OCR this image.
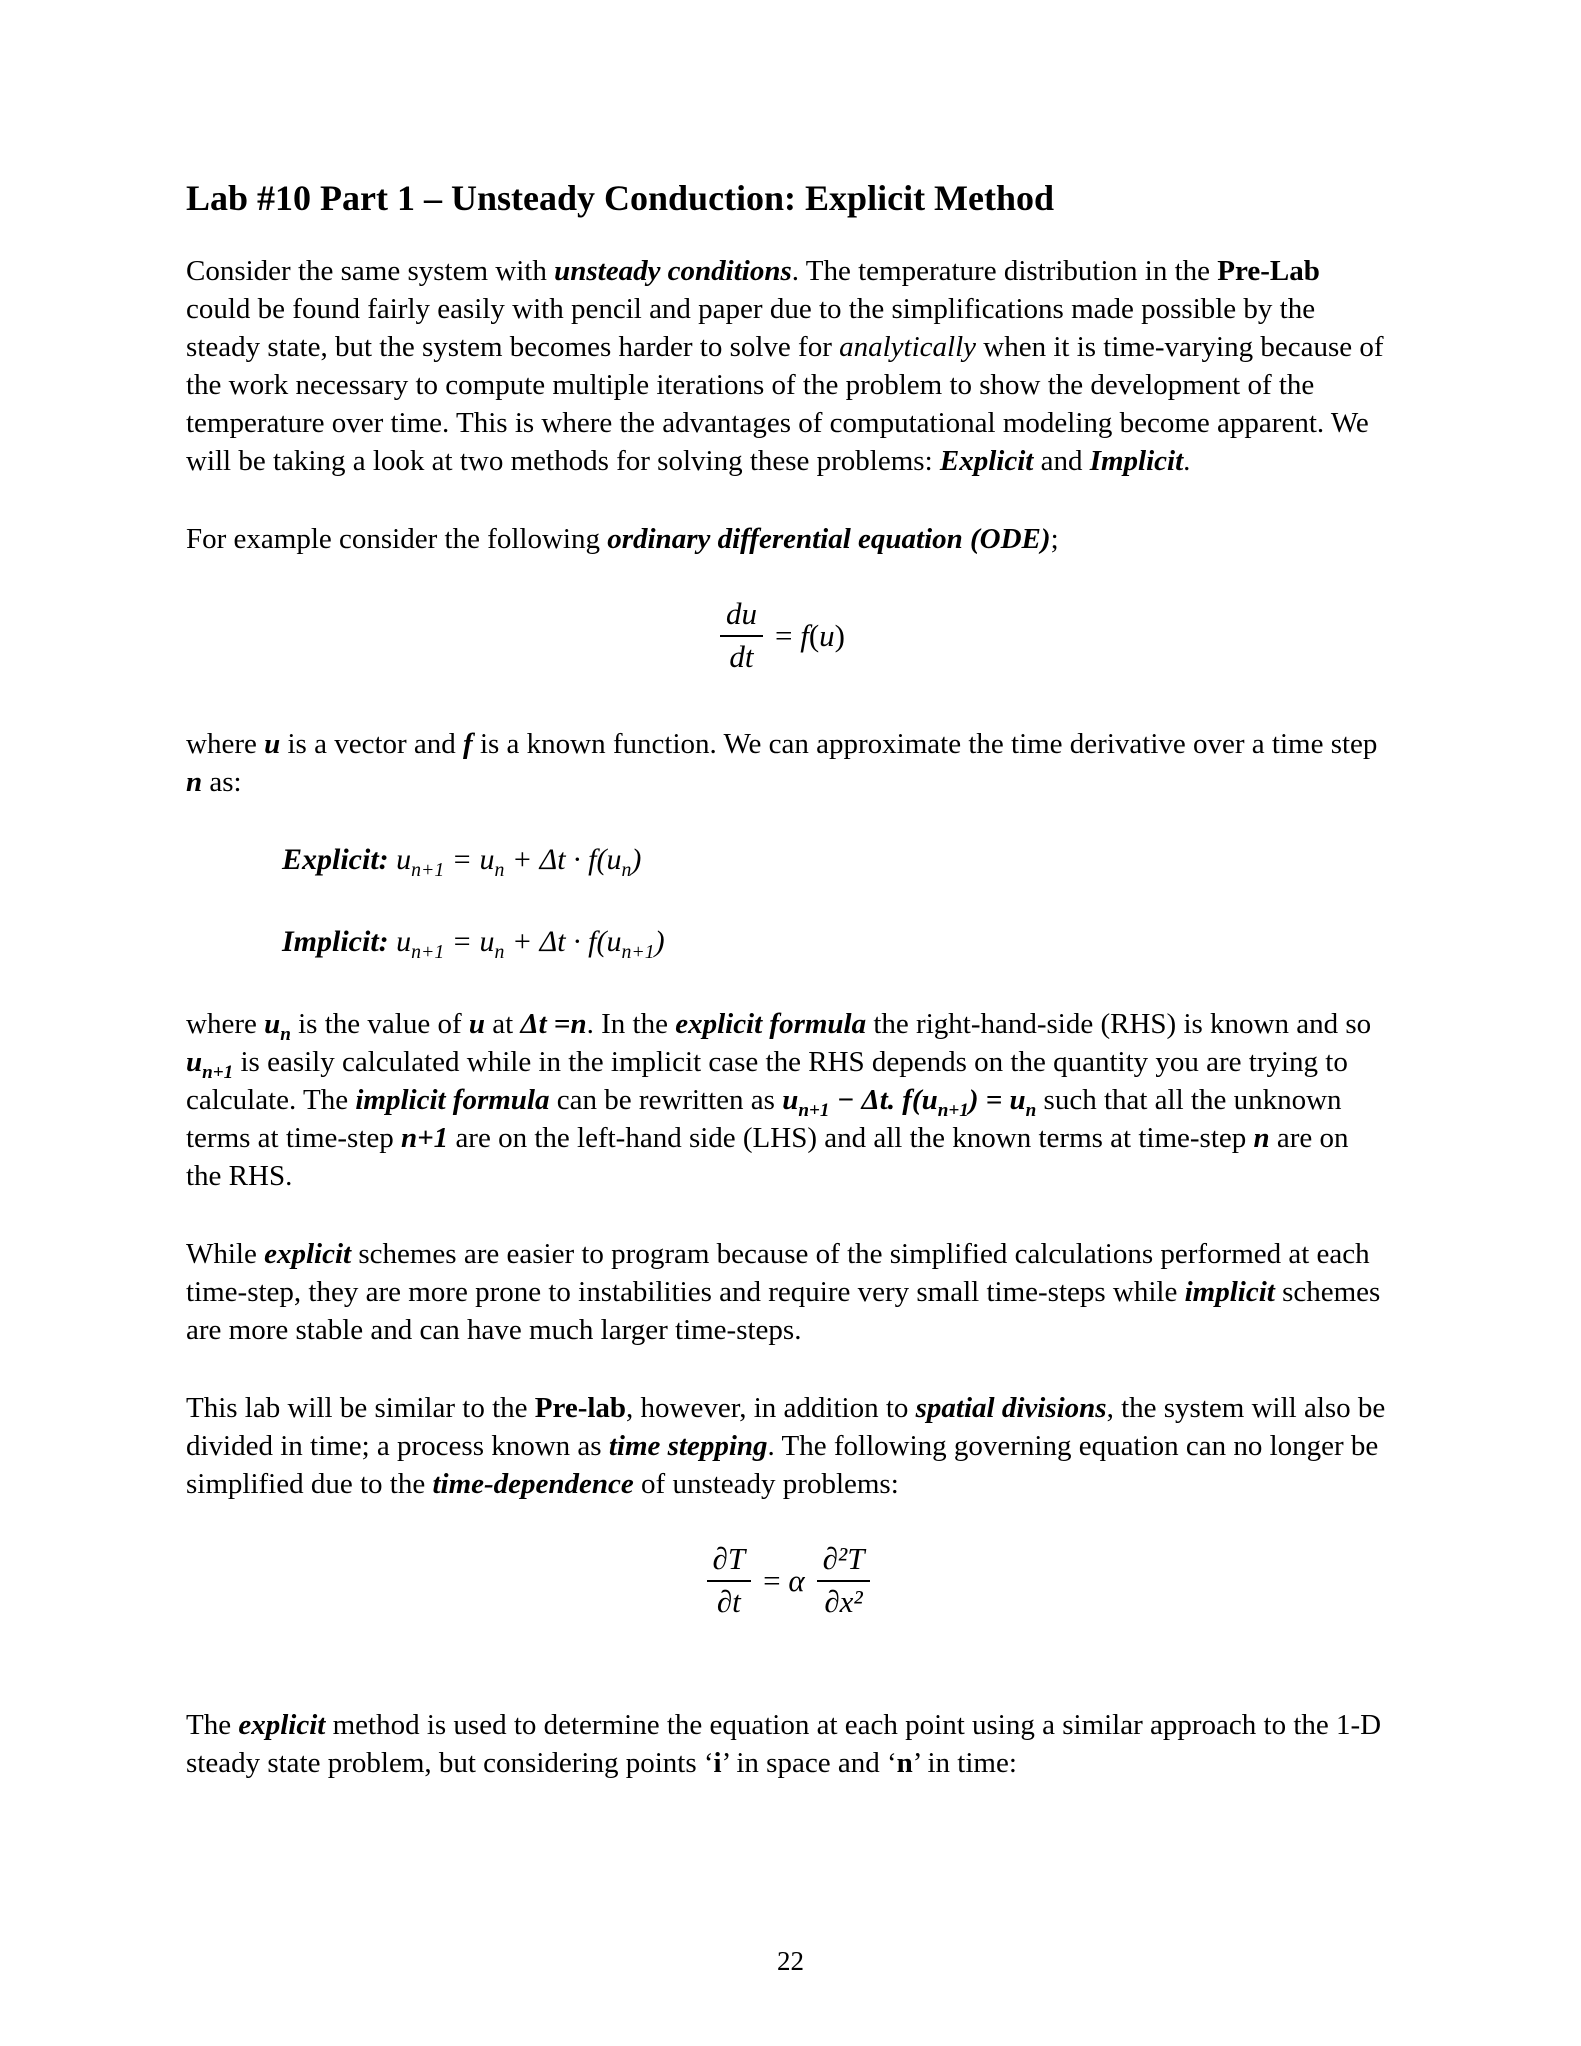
Lab #10 Part 1 – Unsteady Conduction: Explicit Method

Consider the same system with unsteady conditions. The temperature distribution in the Pre-Lab could be found fairly easily with pencil and paper due to the simplifications made possible by the steady state, but the system becomes harder to solve for analytically when it is time-varying because of the work necessary to compute multiple iterations of the problem to show the development of the temperature over time. This is where the advantages of computational modeling become apparent. We will be taking a look at two methods for solving these problems: Explicit and Implicit.

For example consider the following ordinary differential equation (ODE);

$\frac{du}{dt} = f(u)$

where u is a vector and f is a known function. We can approximate the time derivative over a time step n as:

Explicit: $u_{n+1} = u_n + \Delta t \cdot f(u_n)$

Implicit: $u_{n+1} = u_n + \Delta t \cdot f(u_{n+1})$

where $u_n$ is the value of u at Δt =n. In the explicit formula the right-hand-side (RHS) is known and so $u_{n+1}$ is easily calculated while in the implicit case the RHS depends on the quantity you are trying to calculate. The implicit formula can be rewritten as $u_{n+1} - \Delta t$. $f(u_{n+1}) = u_n$ such that all the unknown terms at time-step n+1 are on the left-hand side (LHS) and all the known terms at time-step n are on the RHS.

While explicit schemes are easier to program because of the simplified calculations performed at each time-step, they are more prone to instabilities and require very small time-steps while implicit schemes are more stable and can have much larger time-steps.

This lab will be similar to the Pre-lab, however, in addition to spatial divisions, the system will also be divided in time; a process known as time stepping. The following governing equation can no longer be simplified due to the time-dependence of unsteady problems:

$\frac{\partial T}{\partial t} = \alpha \frac{\text{∂²T}}{\text{∂x²}}$

The explicit method is used to determine the equation at each point using a similar approach to the 1-D steady state problem, but considering points ‘i’ in space and ‘n’ in time:

22
